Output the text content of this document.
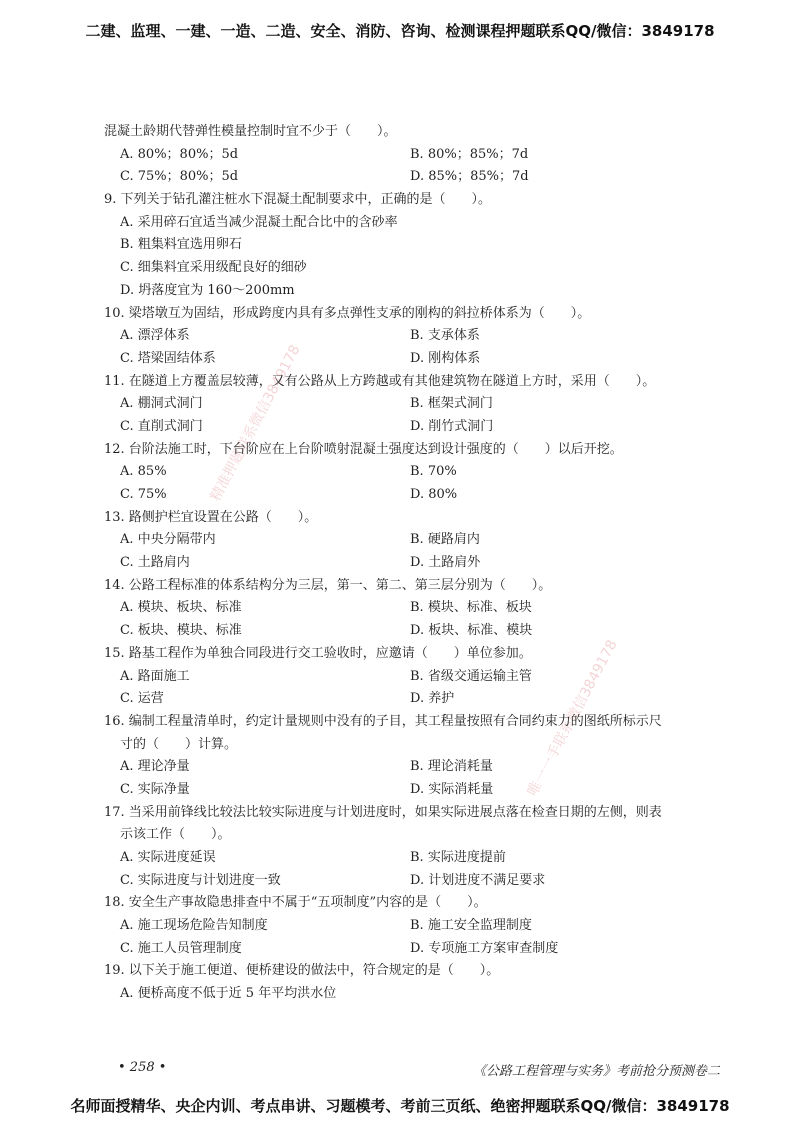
二建、监理、一建、一造、二造、安全、消防、咨询、检测课程押题联系QQ/微信：3849178
精准押题联系微信3849178
唯一一手联系微信3849178
混凝土龄期代替弹性模量控制时宜不少于（　　）。
A. 80%；80%；5d	B. 80%；85%；7d
C. 75%；80%；5d	D. 85%；85%；7d
9. 下列关于钻孔灌注桩水下混凝土配制要求中，正确的是（　　）。
A. 采用碎石宜适当减少混凝土配合比中的含砂率
B. 粗集料宜选用卵石
C. 细集料宜采用级配良好的细砂
D. 坍落度宜为 160～200mm
10. 梁塔墩互为固结，形成跨度内具有多点弹性支承的刚构的斜拉桥体系为（　　）。
A. 漂浮体系	B. 支承体系
C. 塔梁固结体系	D. 刚构体系
11. 在隧道上方覆盖层较薄，又有公路从上方跨越或有其他建筑物在隧道上方时，采用（　　）。
A. 棚洞式洞门	B. 框架式洞门
C. 直削式洞门	D. 削竹式洞门
12. 台阶法施工时，下台阶应在上台阶喷射混凝土强度达到设计强度的（　　）以后开挖。
A. 85%	B. 70%
C. 75%	D. 80%
13. 路侧护栏宜设置在公路（　　）。
A. 中央分隔带内	B. 硬路肩内
C. 土路肩内	D. 土路肩外
14. 公路工程标准的体系结构分为三层，第一、第二、第三层分别为（　　）。
A. 模块、板块、标准	B. 模块、标准、板块
C. 板块、模块、标准	D. 板块、标准、模块
15. 路基工程作为单独合同段进行交工验收时，应邀请（　　）单位参加。
A. 路面施工	B. 省级交通运输主管
C. 运营	D. 养护
16. 编制工程量清单时，约定计量规则中没有的子目，其工程量按照有合同约束力的图纸所标示尺
寸的（　　）计算。
A. 理论净量	B. 理论消耗量
C. 实际净量	D. 实际消耗量
17. 当采用前锋线比较法比较实际进度与计划进度时，如果实际进展点落在检查日期的左侧，则表
示该工作（　　）。
A. 实际进度延误	B. 实际进度提前
C. 实际进度与计划进度一致	D. 计划进度不满足要求
18. 安全生产事故隐患排查中不属于“五项制度”内容的是（　　）。
A. 施工现场危险告知制度	B. 施工安全监理制度
C. 施工人员管理制度	D. 专项施工方案审查制度
19. 以下关于施工便道、便桥建设的做法中，符合规定的是（　　）。
A. 便桥高度不低于近 5 年平均洪水位
• 258 •	《公路工程管理与实务》考前抢分预测卷二
名师面授精华、央企内训、考点串讲、习题模考、考前三页纸、绝密押题联系QQ/微信：3849178
